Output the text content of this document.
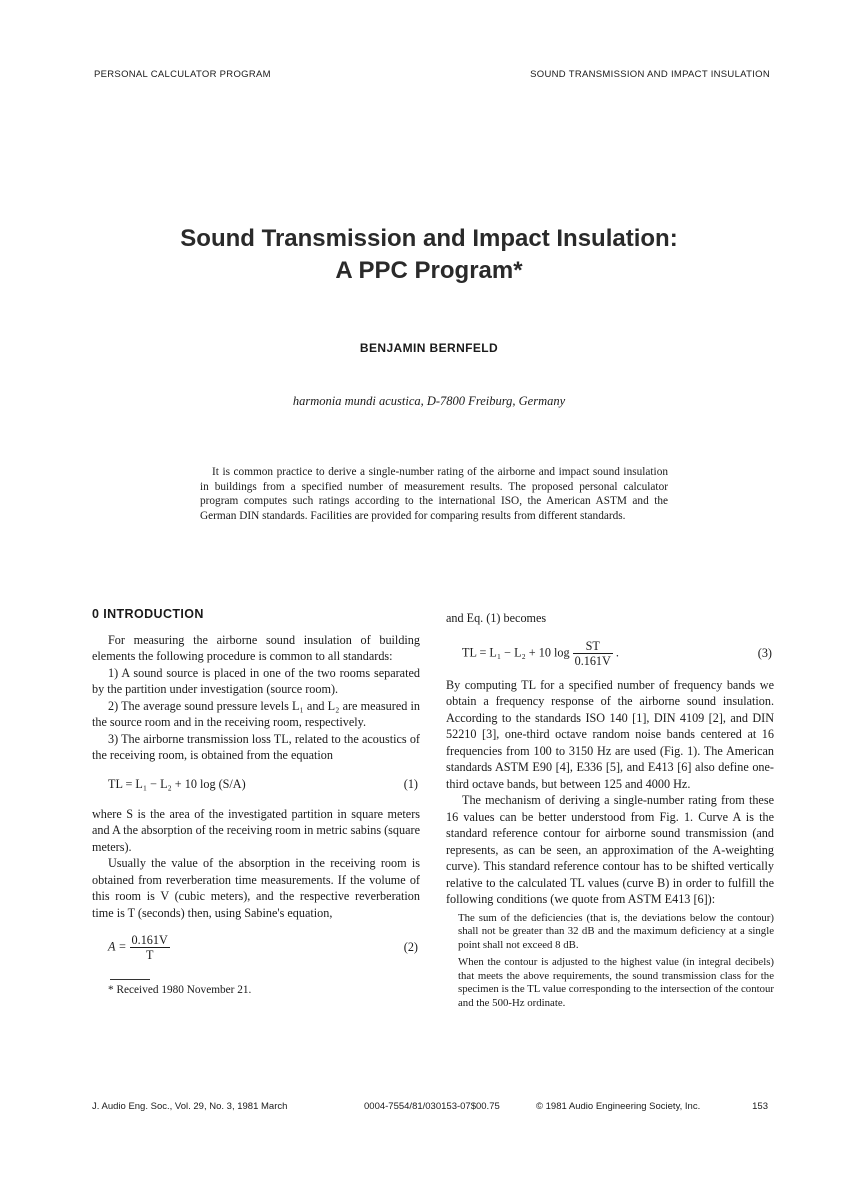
PERSONAL CALCULATOR PROGRAM	SOUND TRANSMISSION AND IMPACT INSULATION
Sound Transmission and Impact Insulation:
A PPC Program*
BENJAMIN BERNFELD
harmonia mundi acustica, D-7800 Freiburg, Germany
It is common practice to derive a single-number rating of the airborne and impact sound insulation in buildings from a specified number of measurement results. The proposed personal calculator program computes such ratings according to the international ISO, the American ASTM and the German DIN standards. Facilities are provided for comparing results from different standards.
0 INTRODUCTION

For measuring the airborne sound insulation of building elements the following procedure is common to all standards:

1) A sound source is placed in one of the two rooms separated by the partition under investigation (source room).

2) The average sound pressure levels L₁ and L₂ are measured in the source room and in the receiving room, respectively.

3) The airborne transmission loss TL, related to the acoustics of the receiving room, is obtained from the equation

TL = L₁ − L₂ + 10 log (S/A)	(1)

where S is the area of the investigated partition in square meters and A the absorption of the receiving room in metric sabins (square meters).

Usually the value of the absorption in the receiving room is obtained from reverberation time measurements. If the volume of this room is V (cubic meters), and the respective reverberation time is T (seconds) then, using Sabine's equation,

$A = \frac{0.161V}{T}$	(2)
* Received 1980 November 21.

and Eq. (1) becomes

TL = L₁ − L₂ + 10 $\log \frac{ST}{0.161V}$ .	(3)

By computing TL for a specified number of frequency bands we obtain a frequency response of the airborne sound insulation. According to the standards ISO 140 [1], DIN 4109 [2], and DIN 52210 [3], one-third octave random noise bands centered at 16 frequencies from 100 to 3150 Hz are used (Fig. 1). The American standards ASTM E90 [4], E336 [5], and E413 [6] also define one-third octave bands, but between 125 and 4000 Hz.

The mechanism of deriving a single-number rating from these 16 values can be better understood from Fig. 1. Curve A is the standard reference contour for airborne sound transmission (and represents, as can be seen, an approximation of the A-weighting curve). This standard reference contour has to be shifted vertically relative to the calculated TL values (curve B) in order to fulfill the following conditions (we quote from ASTM E413 [6]):

The sum of the deficiencies (that is, the deviations below the contour) shall not be greater than 32 dB and the maximum deficiency at a single point shall not exceed 8 dB.

When the contour is adjusted to the highest value (in integral decibels) that meets the above requirements, the sound transmission class for the specimen is the TL value corresponding to the intersection of the contour and the 500-Hz ordinate.

J. Audio Eng. Soc., Vol. 29, No. 3, 1981 March	0004-7554/81/030153-07$00.75	© 1981 Audio Engineering Society, Inc.	153
